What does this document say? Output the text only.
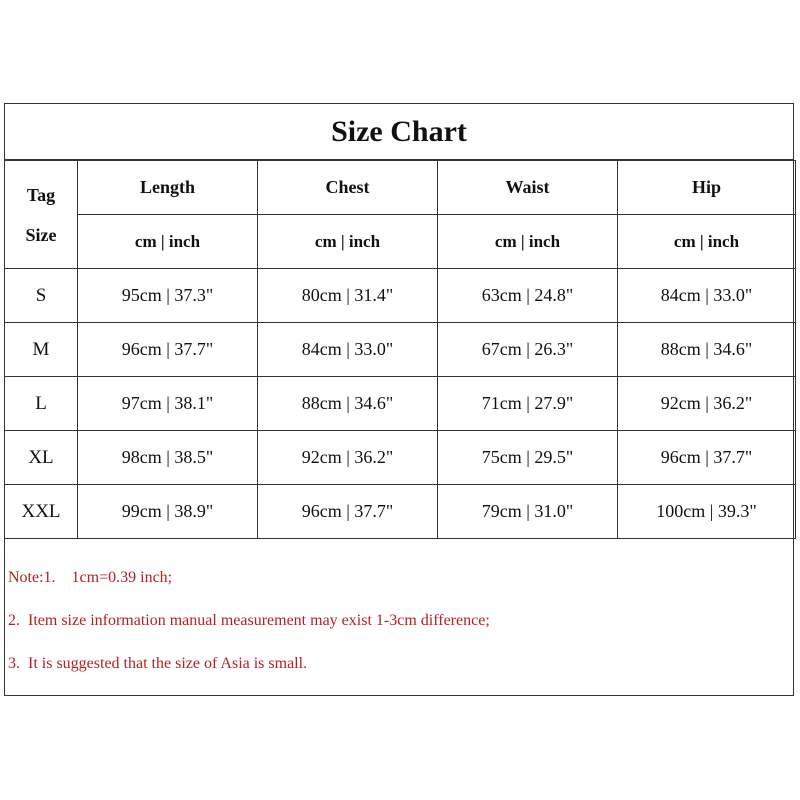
Size Chart
Tag
Size	Length	Chest	Waist	Hip
	cm | inch	cm | inch	cm | inch	cm | inch
S	95cm | 37.3"	80cm | 31.4"	63cm | 24.8"	84cm | 33.0"
M	96cm | 37.7"	84cm | 33.0"	67cm | 26.3"	88cm | 34.6"
L	97cm | 38.1"	88cm | 34.6"	71cm | 27.9"	92cm | 36.2"
XL	98cm | 38.5"	92cm | 36.2"	75cm | 29.5"	96cm | 37.7"
XXL	99cm | 38.9"	96cm | 37.7"	79cm | 31.0"	100cm | 39.3"
Note:1.    1cm=0.39 inch;
2.  Item size information manual measurement may exist 1-3cm difference;
3.  It is suggested that the size of Asia is small.
